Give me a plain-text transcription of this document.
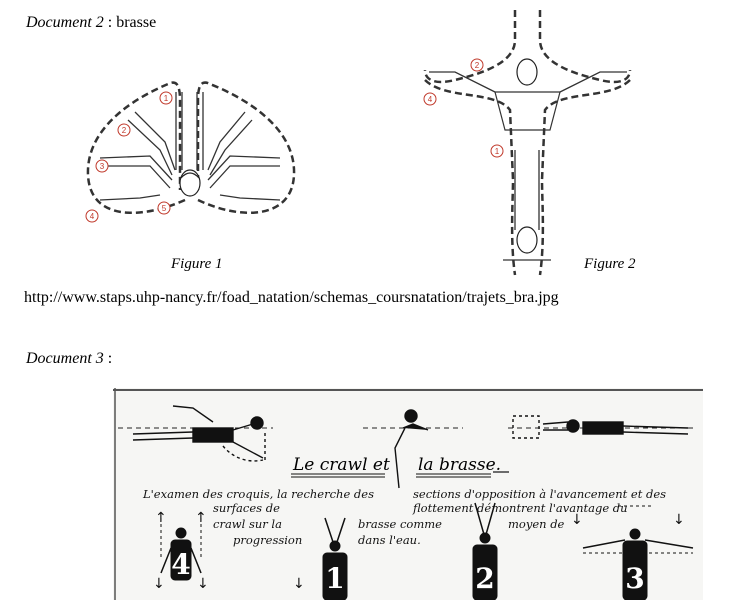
Document 2 : brasse
1
2
3
4
5
2
4
1
Figure 1	Figure 2
http://www.staps.uhp-nancy.fr/foad_natation/schemas_coursnatation/trajets_bra.jpg
Document 3 :
Le crawl et la brasse.
L'examen des croquis, la recherche des	sections d'opposition à l'avancement et des
surfaces de	flottement démontrent l'avantage du
crawl sur la	brasse comme	moyen de
progression	dans l'eau.
↑ ↑
↓ ↓	↓
↓	↓
4	1	2	3
